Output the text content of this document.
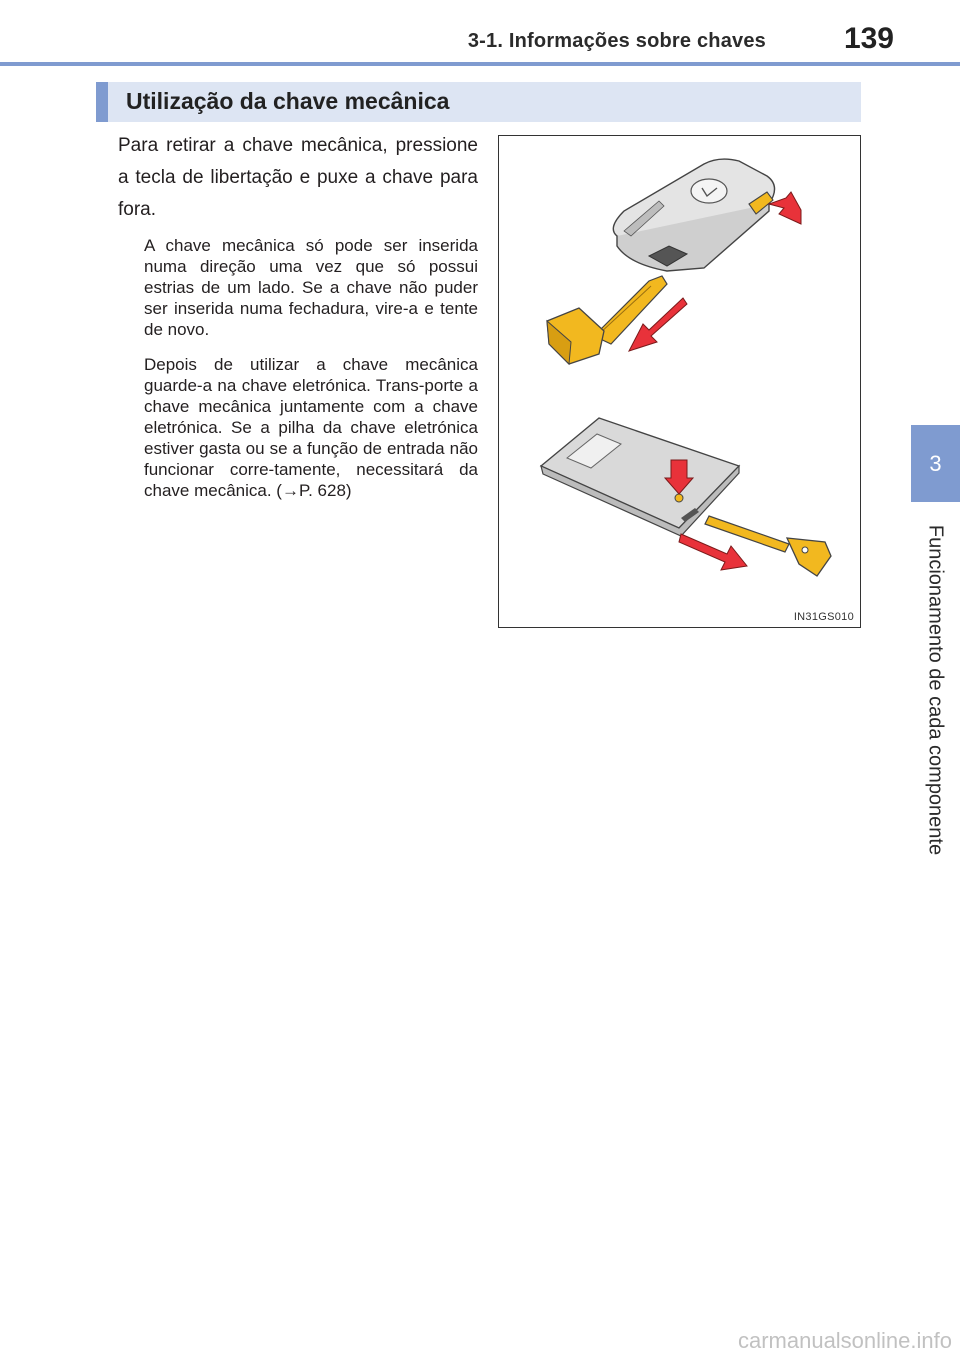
3-1. Informações sobre chaves	139
3
Funcionamento de cada componente
Utilização da chave mecânica
Para retirar a chave mecânica, pressione a tecla de libertação e puxe a chave para fora.
A chave mecânica só pode ser inserida numa direção uma vez que só possui estrias de um lado. Se a chave não puder ser inserida numa fechadura, vire-a e tente de novo.
Depois de utilizar a chave mecânica guarde-a na chave eletrónica. Trans-porte a chave mecânica juntamente com a chave eletrónica. Se a pilha da chave eletrónica estiver gasta ou se a função de entrada não funcionar corre-tamente, necessitará da chave mecânica. (→P. 628)
IN31GS010
carmanualsonline.info
